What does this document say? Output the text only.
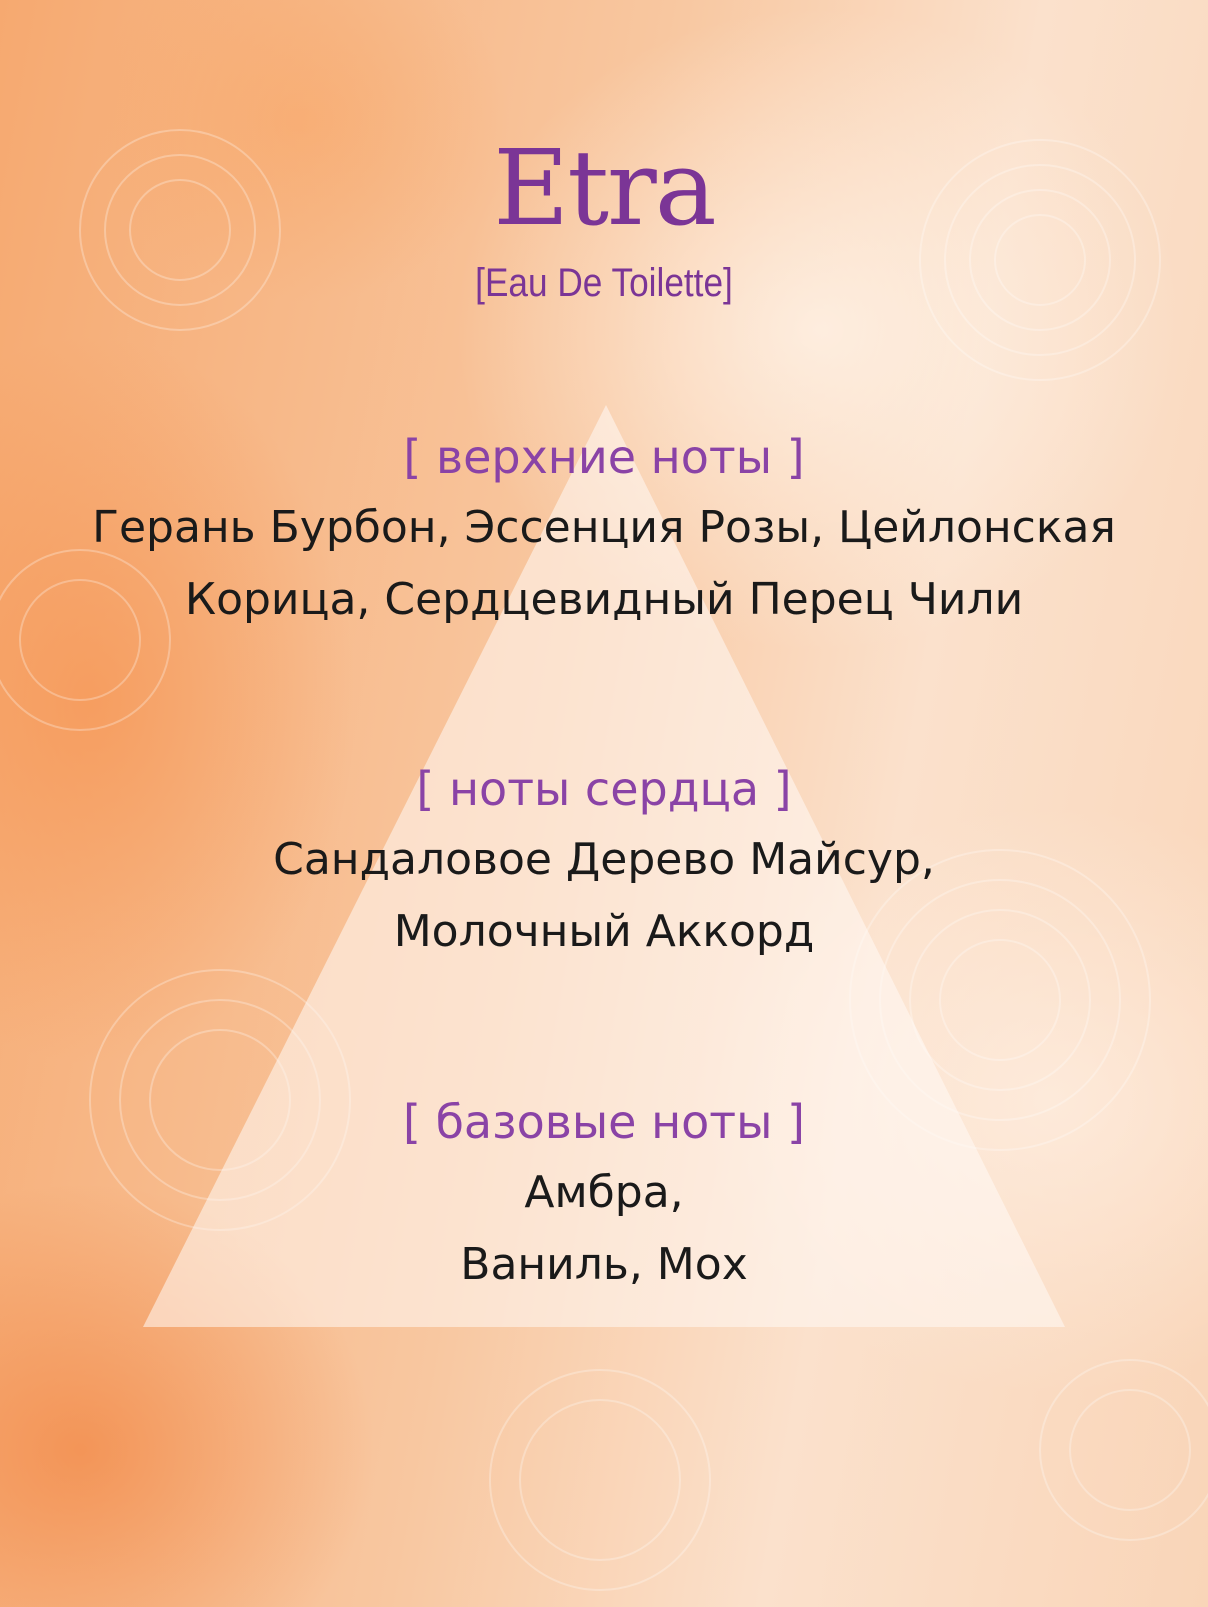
Etra
[Eau De Toilette]
[ верхние ноты ]
Герань Бурбон, Эссенция Розы, Цейлонская
Корица, Сердцевидный Перец Чили
[ ноты сердца ]
Сандаловое Дерево Майсур,
Молочный Аккорд
[ базовые ноты ]
Амбра,
Ваниль, Мох
